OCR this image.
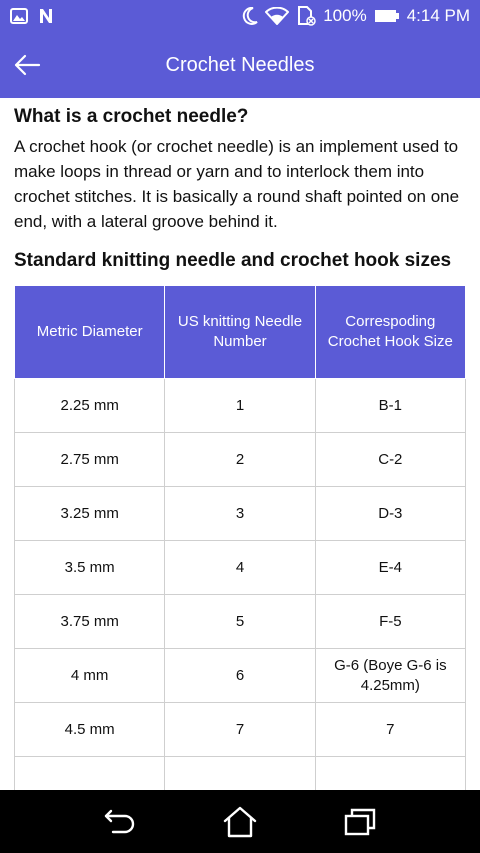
100% 4:14 PM
Crochet Needles
What is a crochet needle?

A crochet hook (or crochet needle) is an implement used to make loops in thread or yarn and to interlock them into crochet stitches. It is basically a round shaft pointed on one end, with a lateral groove behind it.

Standard knitting needle and crochet hook sizes
Metric Diameter	US knitting Needle Number	Correspoding Crochet Hook Size
2.25 mm	1	B-1
2.75 mm	2	C-2
3.25 mm	3	D-3
3.5 mm	4	E-4
3.75 mm	5	F-5
4 mm	6	G-6 (Boye G-6 is 4.25mm)
4.5 mm	7	7
